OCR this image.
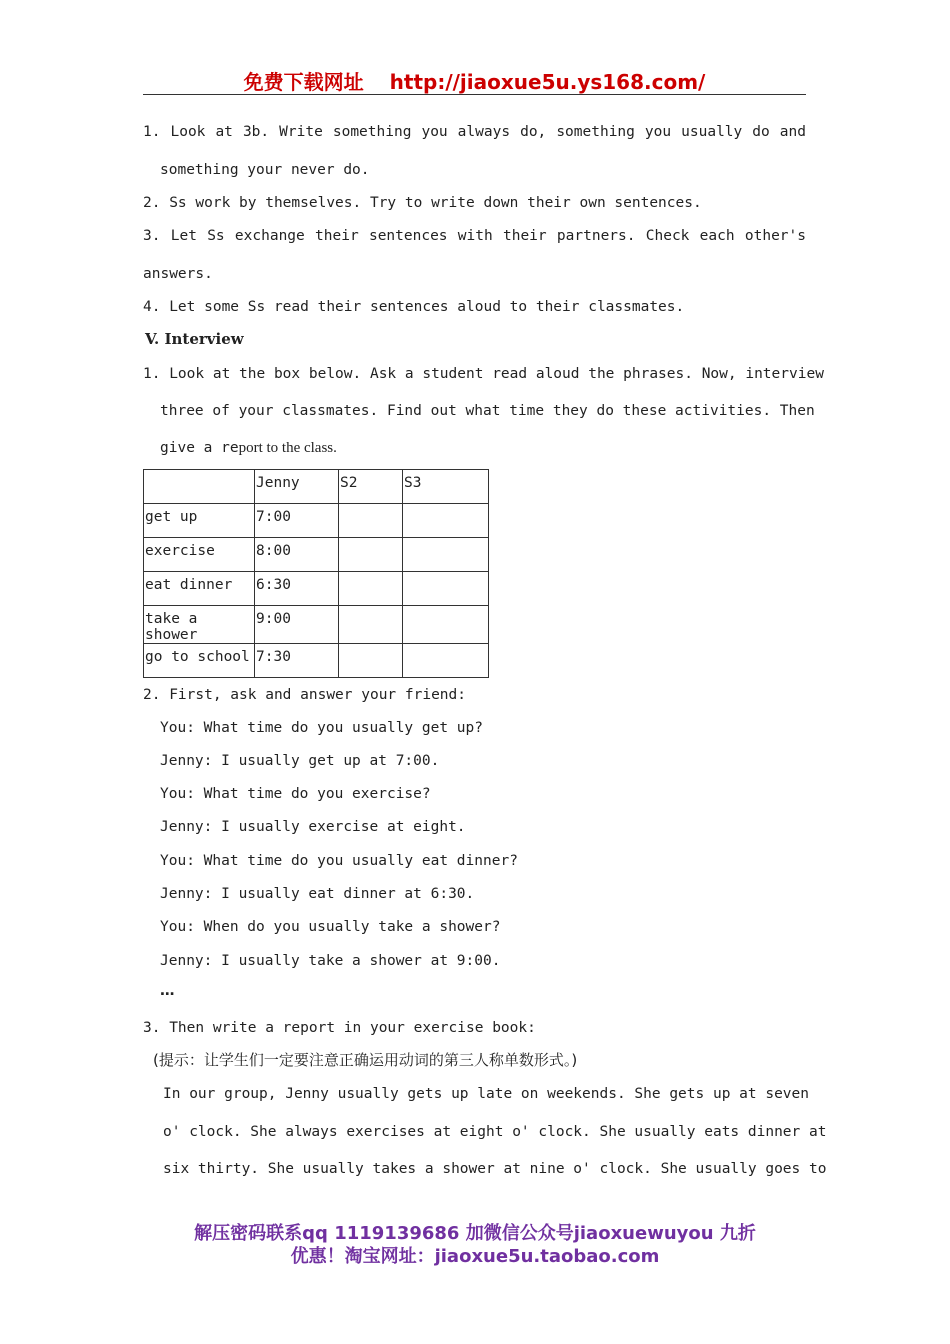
免费下载网址 http://jiaoxue5u.ys168.com/
1. Look at 3b. Write something you always do, something you usually do and
something your never do.
2. Ss work by themselves. Try to write down their own sentences.
3. Let Ss exchange their sentences with their partners. Check each other's
answers.
4. Let some Ss read their sentences aloud to their classmates.
V. Interview
1. Look at the box below. Ask a student read aloud the phrases. Now, interview
three of your classmates. Find out what time they do these activities. Then
give a report to the class.
	Jenny	S2	S3
get up	7:00		
exercise	8:00		
eat dinner	6:30		
take a shower	9:00		
go to school	7:30		
2. First, ask and answer your friend:
You: What time do you usually get up?
Jenny: I usually get up at 7:00.
You: What time do you exercise?
Jenny: I usually exercise at eight.
You: What time do you usually eat dinner?
Jenny: I usually eat dinner at 6:30.
You: When do you usually take a shower?
Jenny: I usually take a shower at 9:00.
…
3. Then write a report in your exercise book:
(提示：让学生们一定要注意正确运用动词的第三人称单数形式。)
In our group, Jenny usually gets up late on weekends. She gets up at seven
o' clock. She always exercises at eight o' clock. She usually eats dinner at
six thirty. She usually takes a shower at nine o' clock. She usually goes to
解压密码联系qq 1119139686 加微信公众号jiaoxuewuyou 九折
优惠！淘宝网址：jiaoxue5u.taobao.com
